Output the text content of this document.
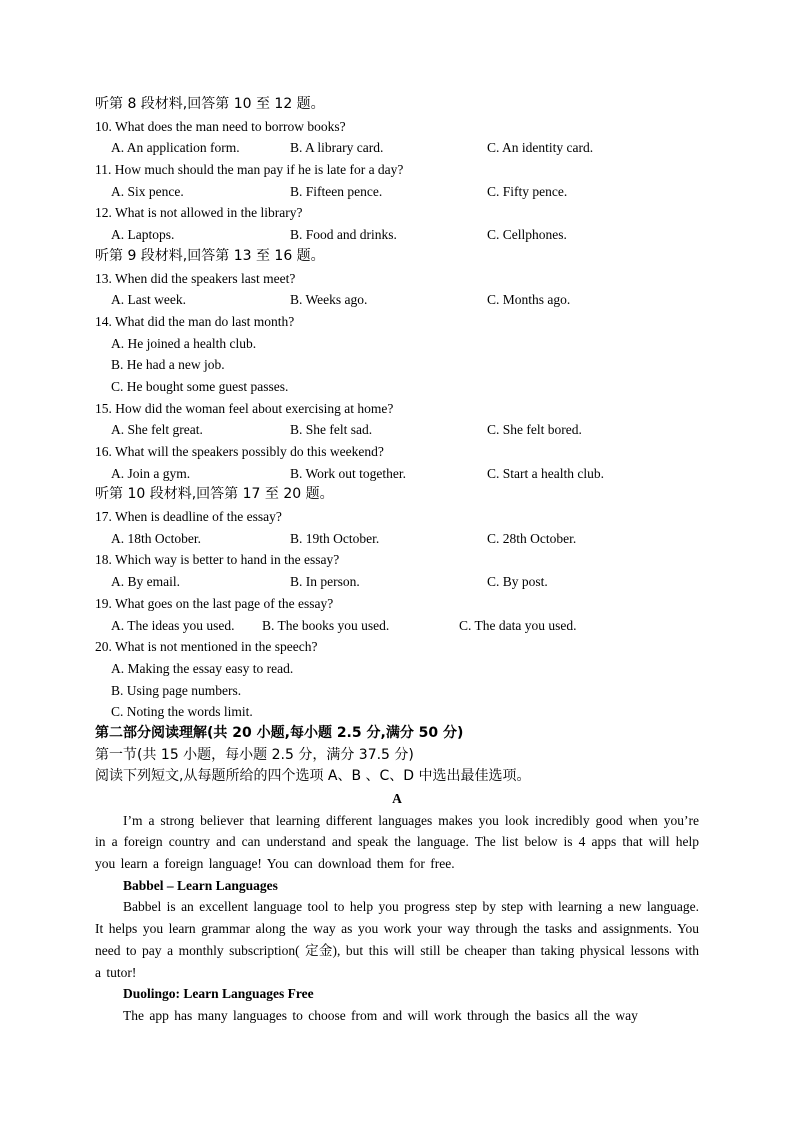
听第 8 段材料,回答第 10 至 12 题。
10. What does the man need to borrow books?
A. An application form.	B. A library card.	C. An identity card.
11. How much should the man pay if he is late for a day?
A. Six pence.	B. Fifteen pence.	C. Fifty pence.
12. What is not allowed in the library?
A. Laptops.	B. Food and drinks.	C. Cellphones.
听第 9 段材料,回答第 13 至 16 题。
13. When did the speakers last meet?
A. Last week.	B. Weeks ago.	C. Months ago.
14. What did the man do last month?
A. He joined a health club.
B. He had a new job.
C. He bought some guest passes.
15. How did the woman feel about exercising at home?
A. She felt great.	B. She felt sad.	C. She felt bored.
16. What will the speakers possibly do this weekend?
A. Join a gym.	B. Work out together.	C. Start a health club.
听第 10 段材料,回答第 17 至 20 题。
17. When is deadline of the essay?
A. 18th October.	B. 19th October.	C. 28th October.
18. Which way is better to hand in the essay?
A. By email.	B. In person.	C. By post.
19. What goes on the last page of the essay?
A. The ideas you used. B. The books you used.	C. The data you used.
20. What is not mentioned in the speech?
A. Making the essay easy to read.
B. Using page numbers.
C. Noting the words limit.
第二部分阅读理解(共 20 小题,每小题 2.5 分,满分 50 分)
第一节(共 15 小题，每小题 2.5 分，满分 37.5 分)
阅读下列短文,从每题所给的四个选项 A、B 、C、D 中选出最佳选项。
A
I’m a strong believer that learning different languages makes you look incredibly good when you’re in a foreign country and can understand and speak the language. The list below is 4 apps that will help you learn a foreign language! You can download them for free.
Babbel – Learn Languages
Babbel is an excellent language tool to help you progress step by step with learning a new language. It helps you learn grammar along the way as you work your way through the tasks and assignments. You need to pay a monthly subscription( 定金), but this will still be cheaper than taking physical lessons with a tutor!
Duolingo: Learn Languages Free
The app has many languages to choose from and will work through the basics all the way
